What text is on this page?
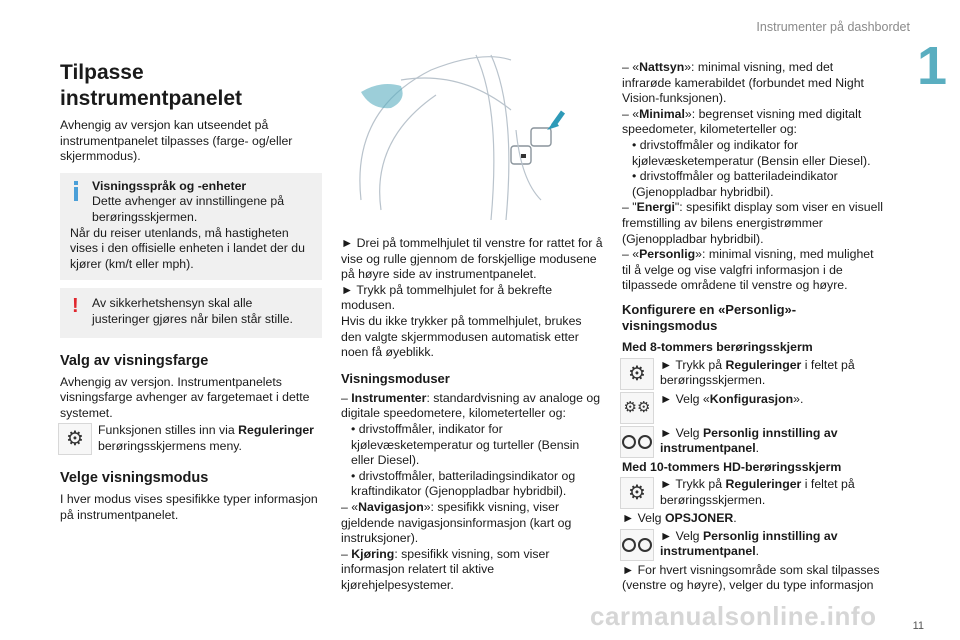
Instrumenter på dashbordet
1
Tilpasse instrumentpanelet

Avhengig av versjon kan utseendet på instrumentpanelet tilpasses (farge- og/eller skjermmodus).

Visningsspråk og -enheter
Dette avhenger av innstillingene på berøringsskjermen.
Når du reiser utenlands, må hastigheten vises i den offisielle enheten i landet der du kjører (km/t eller mph).
!	Av sikkerhetshensyn skal alle justeringer gjøres når bilen står stille.
Valg av visningsfarge

Avhengig av versjon. Instrumentpanelets visningsfarge avhenger av fargetemaet i dette systemet.

⚙ Funksjonen stilles inn via Reguleringer berøringsskjermens meny.
Velge visningsmodus

I hver modus vises spesifikke typer informasjon på instrumentpanelet.

► Drei på tommelhjulet til venstre for rattet for å vise og rulle gjennom de forskjellige modusene på høyre side av instrumentpanelet.

► Trykk på tommelhjulet for å bekrefte modusen.

Hvis du ikke trykker på tommelhjulet, brukes den valgte skjermmodusen automatisk etter noen få øyeblikk.

Visningsmoduser

– Instrumenter: standardvisning av analoge og digitale speedometere, kilometerteller og:

• drivstoffmåler, indikator for kjølevæsketemperatur og turteller (Bensin eller Diesel).

• drivstoffmåler, batteriladingsindikator og kraftindikator (Gjenoppladbar hybridbil).

– «Navigasjon»: spesifikk visning, viser gjeldende navigasjonsinformasjon (kart og instruksjoner).

– Kjøring: spesifikk visning, som viser informasjon relatert til aktive kjørehjelpesystemer.

– «Nattsyn»: minimal visning, med det infrarøde kamerabildet (forbundet med Night Vision-funksjonen).

– «Minimal»: begrenset visning med digitalt speedometer, kilometerteller og:

• drivstoffmåler og indikator for kjølevæsketemperatur (Bensin eller Diesel).

• drivstoffmåler og batteriladeindikator (Gjenoppladbar hybridbil).

– "Energi": spesifikt display som viser en visuell fremstilling av bilens energistrømmer (Gjenoppladbar hybridbil).

– «Personlig»: minimal visning, med mulighet til å velge og vise valgfri informasjon i de tilpassede områdene til venstre og høyre.

Konfigurere en «Personlig»-visningsmodus
Med 8-tommers berøringsskjerm
⚙ ► Trykk på Reguleringer i feltet på berøringsskjermen.
⚙⚙ ► Velg «Konfigurasjon».
► Velg Personlig innstilling av instrumentpanel.
Med 10-tommers HD-berøringsskjerm
⚙ ► Trykk på Reguleringer i feltet på berøringsskjermen.

► Velg OPSJONER.

► Velg Personlig innstilling av instrumentpanel.

► For hvert visningsområde som skal tilpasses (venstre og høyre), velger du type informasjon

carmanualsonline.info	11
